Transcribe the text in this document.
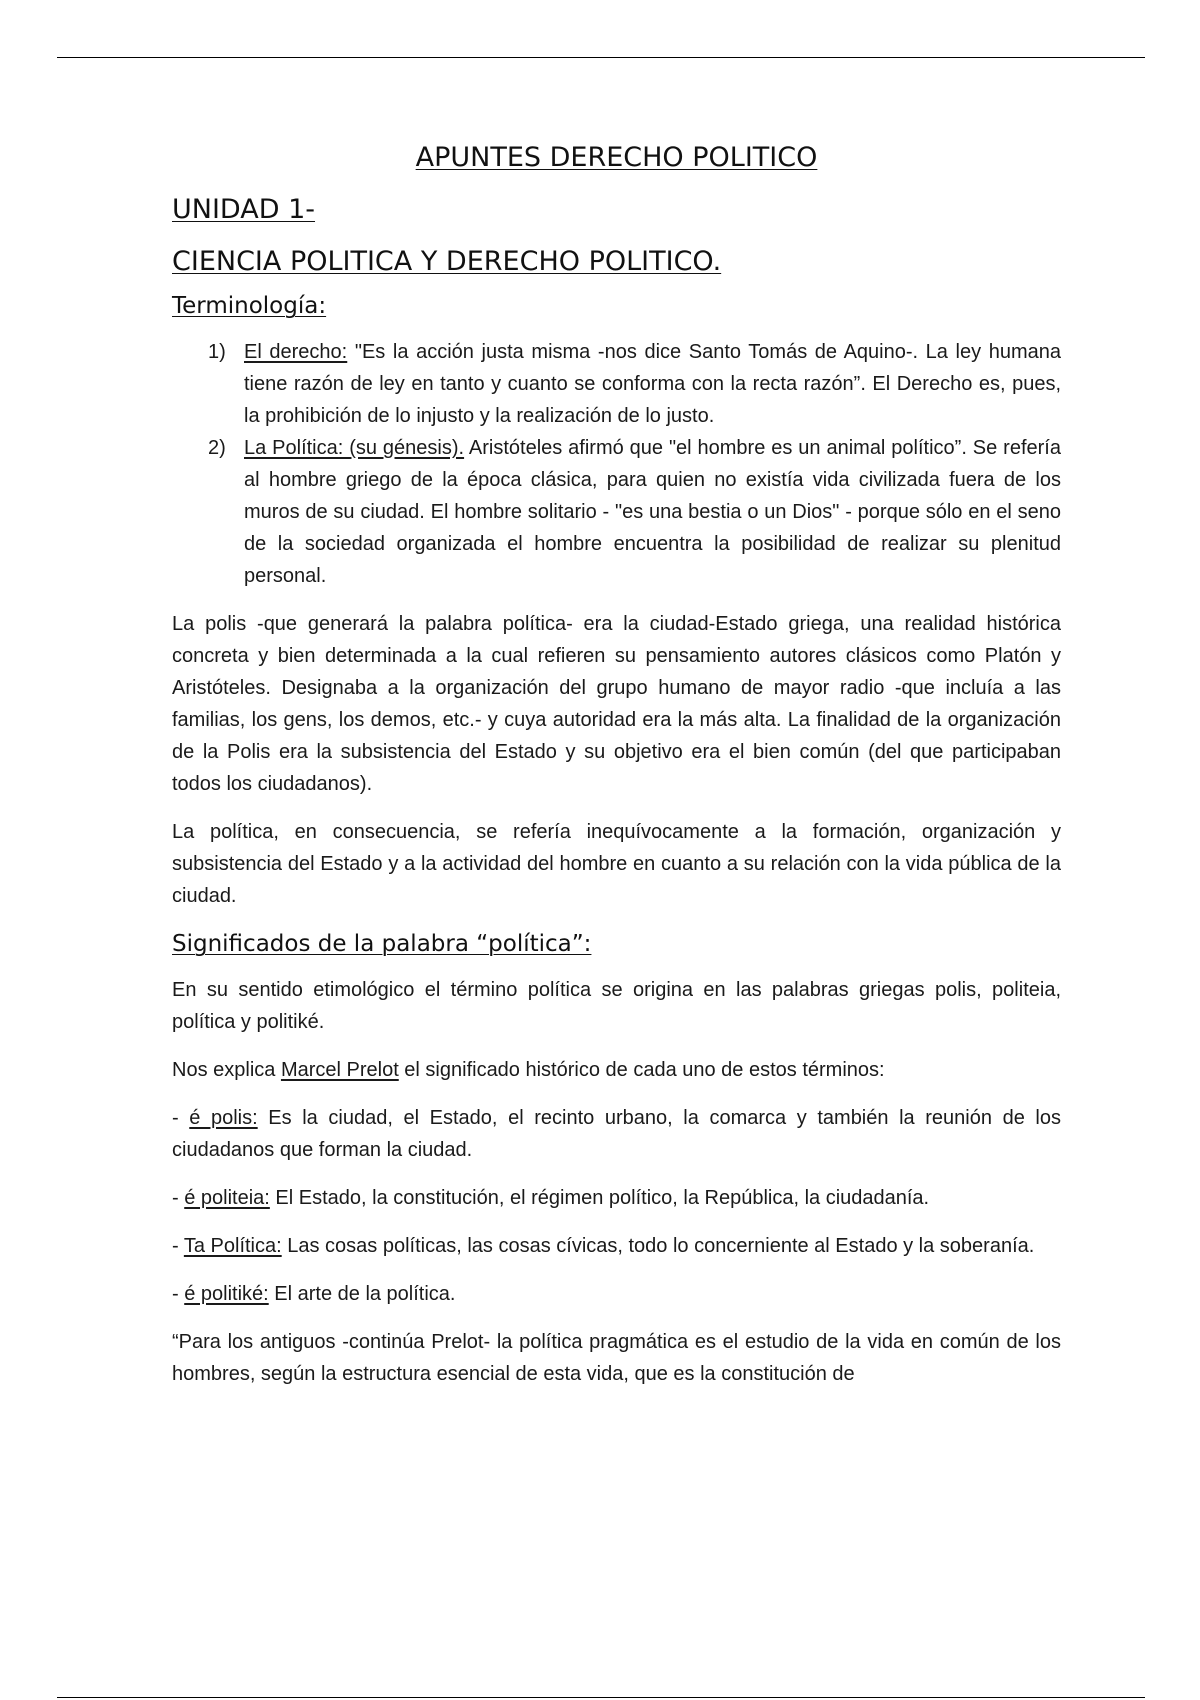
APUNTES DERECHO POLITICO
UNIDAD 1-
CIENCIA POLITICA Y DERECHO POLITICO.
Terminología:
1) El derecho: "Es la acción justa misma -nos dice Santo Tomás de Aquino-. La ley humana tiene razón de ley en tanto y cuanto se conforma con la recta razón”. El Derecho es, pues, la prohibición de lo injusto y la realización de lo justo.
2) La Política: (su génesis). Aristóteles afirmó que "el hombre es un animal político”. Se refería al hombre griego de la época clásica, para quien no existía vida civilizada fuera de los muros de su ciudad. El hombre solitario - "es una bestia o un Dios" - porque sólo en el seno de la sociedad organizada el hombre encuentra la posibilidad de realizar su plenitud personal.

La polis -que generará la palabra política- era la ciudad-Estado griega, una realidad histórica concreta y bien determinada a la cual refieren su pensamiento autores clásicos como Platón y Aristóteles. Designaba a la organización del grupo humano de mayor radio -que incluía a las familias, los gens, los demos, etc.- y cuya autoridad era la más alta. La finalidad de la organización de la Polis era la subsistencia del Estado y su objetivo era el bien común (del que participaban todos los ciudadanos).

La política, en consecuencia, se refería inequívocamente a la formación, organización y subsistencia del Estado y a la actividad del hombre en cuanto a su relación con la vida pública de la ciudad.

Significados de la palabra “política”:

En su sentido etimológico el término política se origina en las palabras griegas polis, politeia, política y politiké.

Nos explica Marcel Prelot el significado histórico de cada uno de estos términos:

- é polis: Es la ciudad, el Estado, el recinto urbano, la comarca y también la reunión de los ciudadanos que forman la ciudad.

- é politeia: El Estado, la constitución, el régimen político, la República, la ciudadanía.

- Ta Política: Las cosas políticas, las cosas cívicas, todo lo concerniente al Estado y la soberanía.

- é politiké: El arte de la política.

“Para los antiguos -continúa Prelot- la política pragmática es el estudio de la vida en común de los hombres, según la estructura esencial de esta vida, que es la constitución de
